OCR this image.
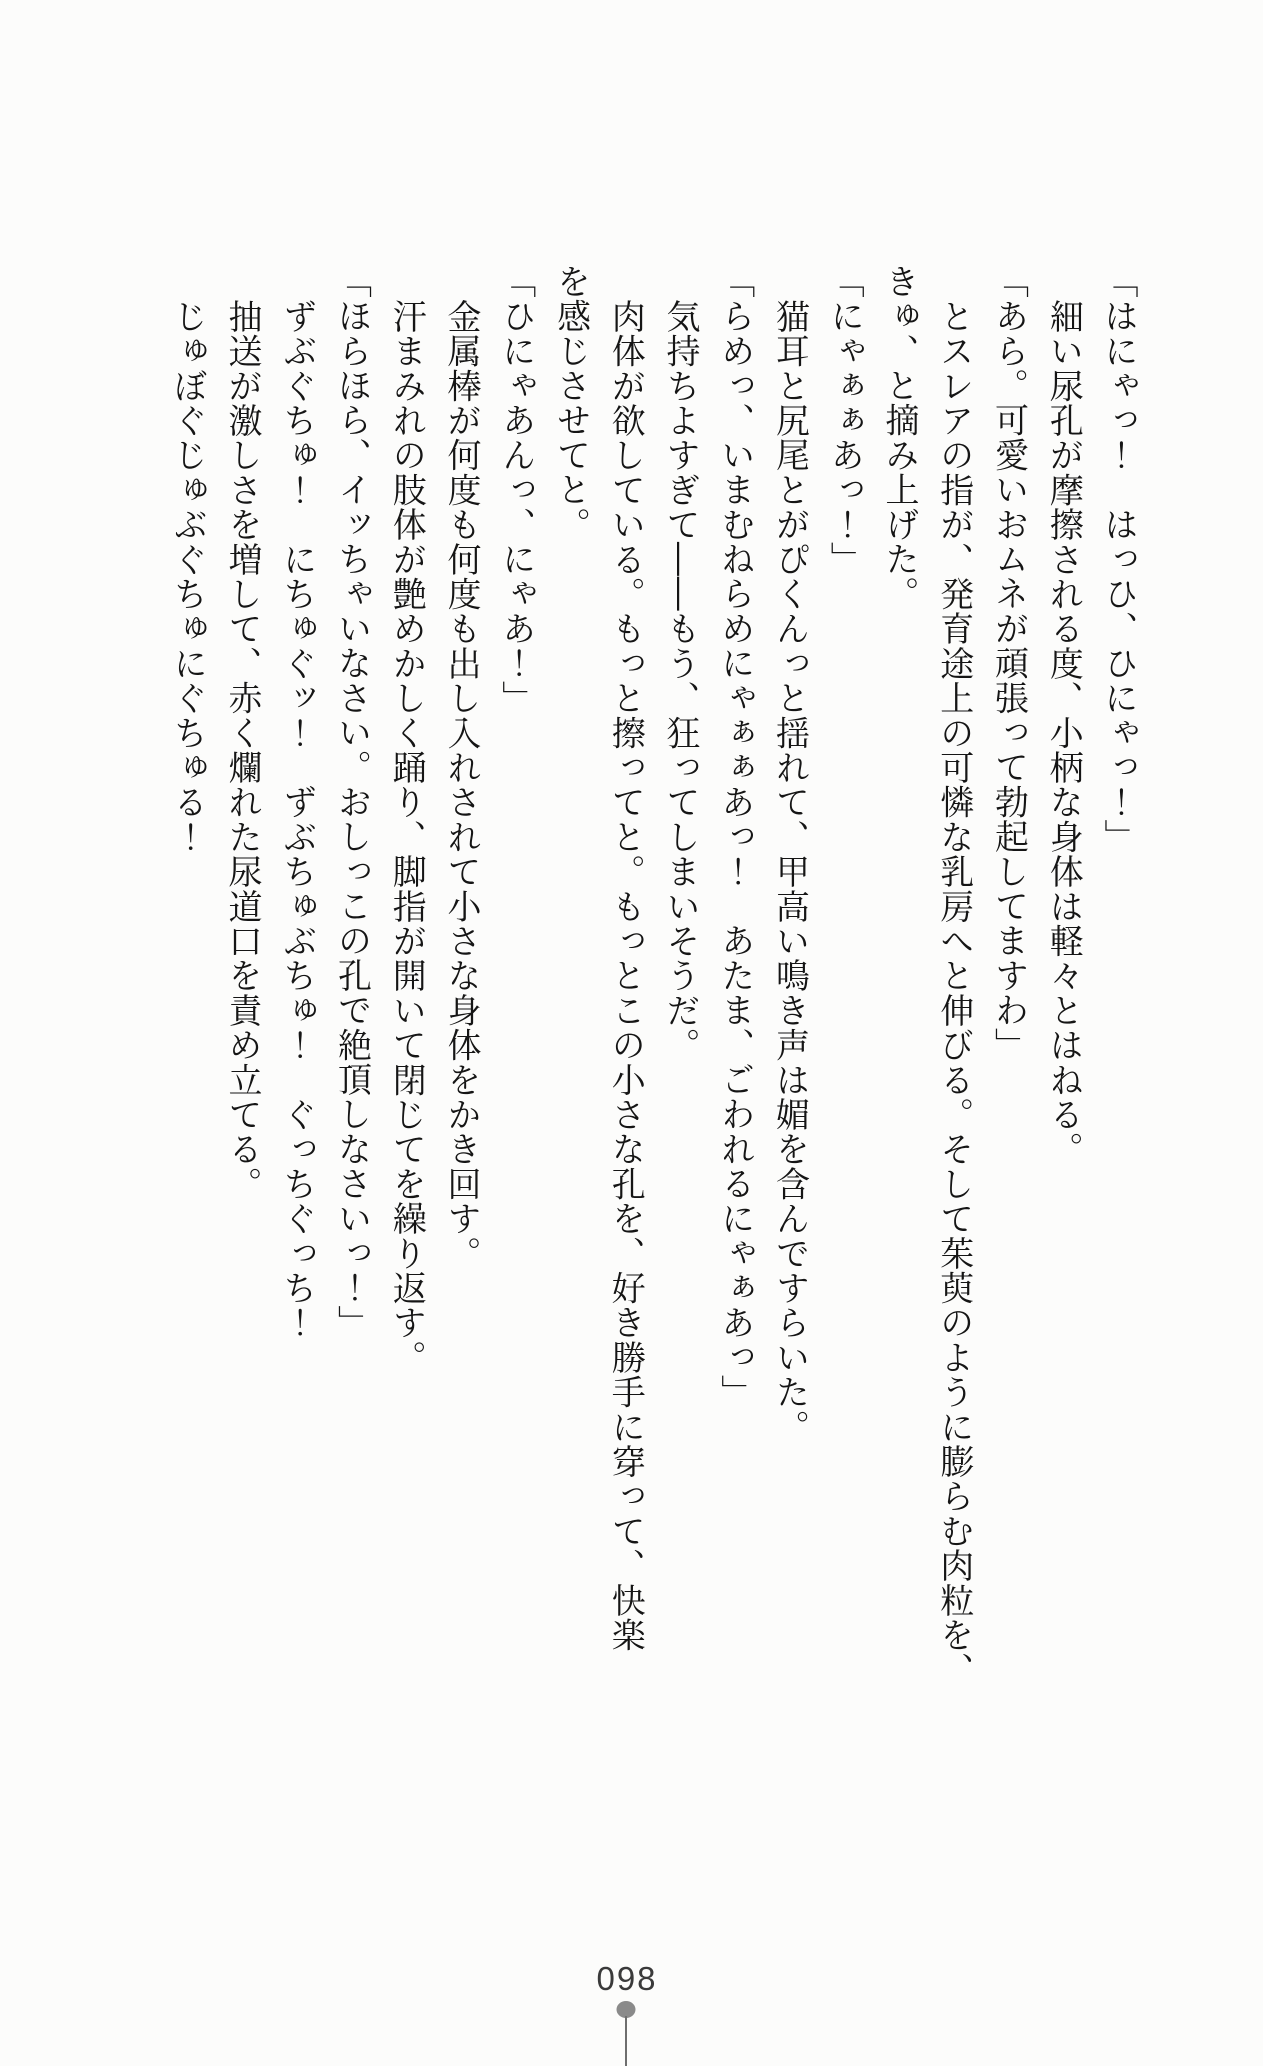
「はにゃっ！　はっひ、ひにゃっ！」

細い尿孔が摩擦される度、小柄な身体は軽々とはねる。

「あら。可愛いおムネが頑張って勃起してますわ」

とスレアの指が、発育途上の可憐な乳房へと伸びる。そして茱萸のように膨らむ肉粒を、

きゅ、と摘み上げた。

「にゃぁぁあっ！」

猫耳と尻尾とがぴくんっと揺れて、甲高い鳴き声は媚を含んですらいた。

「らめっ、いまむねらめにゃぁぁあっ！　あたま、ごわれるにゃぁあっ」

気持ちよすぎて――もう、狂ってしまいそうだ。

肉体が欲している。もっと擦ってと。もっとこの小さな孔を、好き勝手に穿って、快楽

を感じさせてと。

「ひにゃあんっ、にゃあ！」

金属棒が何度も何度も出し入れされて小さな身体をかき回す。

汗まみれの肢体が艶めかしく踊り、脚指が開いて閉じてを繰り返す。

「ほらほら、イッちゃいなさい。おしっこの孔で絶頂しなさいっ！」

ずぶぐちゅ！　にちゅぐッ！　ずぶちゅぶちゅ！　ぐっちぐっち！

抽送が激しさを増して、赤く爛れた尿道口を責め立てる。

じゅぼぐじゅぶぐちゅにぐちゅる！

098
